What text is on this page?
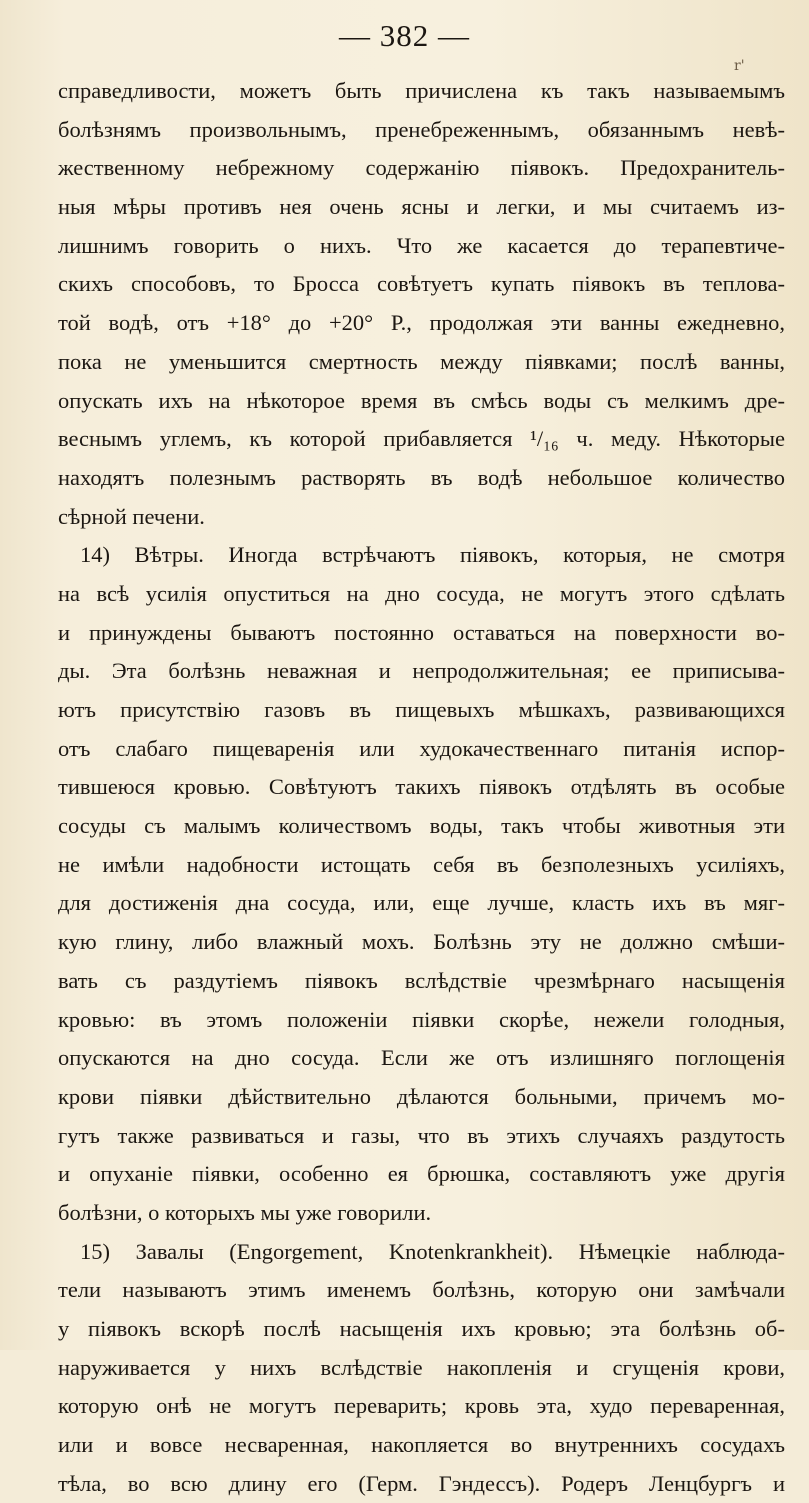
— 382 —
r'
справедливости, можетъ быть причислена къ такъ называемымъ
болѣзнямъ произвольнымъ, пренебреженнымъ, обязаннымъ невѣ-
жественному небрежному содержанію піявокъ. Предохранитель-
ныя мѣры противъ нея очень ясны и легки, и мы считаемъ из-
лишнимъ говорить о нихъ. Что же касается до терапевтиче-
скихъ способовъ, то Бросса совѣтуетъ купать піявокъ въ теплова-
той водѣ, отъ +18° до +20° Р., продолжая эти ванны ежедневно,
пока не уменьшится смертность между піявками; послѣ ванны,
опускать ихъ на нѣкоторое время въ смѣсь воды съ мелкимъ дре-
веснымъ углемъ, къ которой прибавляется ¹/₁₆ ч. меду. Нѣкоторые
находятъ полезнымъ растворять въ водѣ небольшое количество
сѣрной печени.
14) Вѣтры. Иногда встрѣчаютъ піявокъ, которыя, не смотря
на всѣ усилія опуститься на дно сосуда, не могутъ этого сдѣлать
и принуждены бываютъ постоянно оставаться на поверхности во-
ды. Эта болѣзнь неважная и непродолжительная; ее приписыва-
ютъ присутствію газовъ въ пищевыхъ мѣшкахъ, развивающихся
отъ слабаго пищеваренія или худокачественнаго питанія испор-
тившеюся кровью. Совѣтуютъ такихъ піявокъ отдѣлять въ особые
сосуды съ малымъ количествомъ воды, такъ чтобы животныя эти
не имѣли надобности истощать себя въ безполезныхъ усиліяхъ,
для достиженія дна сосуда, или, еще лучше, класть ихъ въ мяг-
кую глину, либо влажный мохъ. Болѣзнь эту не должно смѣши-
вать съ раздутіемъ піявокъ вслѣдствіе чрезмѣрнаго насыщенія
кровью: въ этомъ положеніи піявки скорѣе, нежели голодныя,
опускаются на дно сосуда. Если же отъ излишняго поглощенія
крови піявки дѣйствительно дѣлаются больными, причемъ мо-
гутъ также развиваться и газы, что въ этихъ случаяхъ раздутость
и опуханіе піявки, особенно ея брюшка, составляютъ уже другія
болѣзни, о которыхъ мы уже говорили.
15) Завалы (Engorgement, Knotenkrankheit). Нѣмецкіе наблюда-
тели называютъ этимъ именемъ болѣзнь, которую они замѣчали
у піявокъ вскорѣ послѣ насыщенія ихъ кровью; эта болѣзнь об-
наруживается у нихъ вслѣдствіе накопленія и сгущенія крови,
которую онѣ не могутъ переварить; кровь эта, худо переваренная,
или и вовсе несваренная, накопляется во внутреннихъ сосудахъ
тѣла, во всю длину его (Герм. Гэндессъ). Родеръ Ленцбургъ и
